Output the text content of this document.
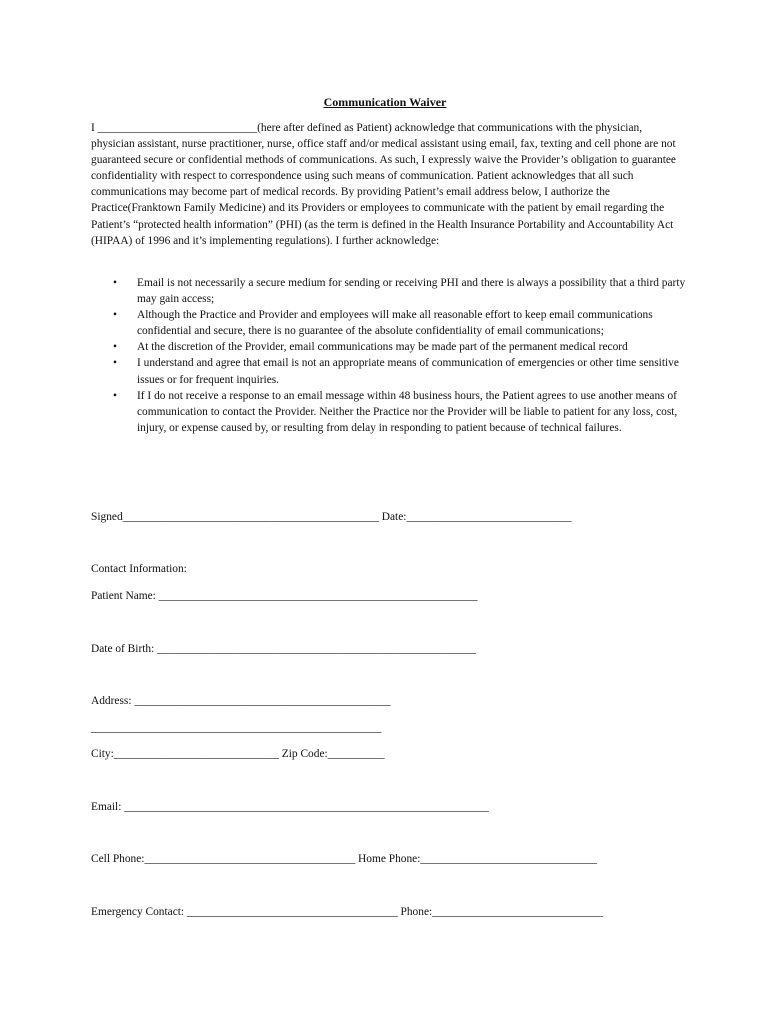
Communication Waiver

I ____________________________(here after defined as Patient) acknowledge that communications with the physician, physician assistant, nurse practitioner, nurse, office staff and/or medical assistant using email, fax, texting and cell phone are not guaranteed secure or confidential methods of communications. As such, I expressly waive the Provider’s obligation to guarantee confidentiality with respect to correspondence using such means of communication. Patient acknowledges that all such communications may become part of medical records. By providing Patient’s email address below, I authorize the Practice(Franktown Family Medicine) and its Providers or employees to communicate with the patient by email regarding the Patient’s “protected health information” (PHI) (as the term is defined in the Health Insurance Portability and Accountability Act (HIPAA) of 1996 and it’s implementing regulations). I further acknowledge:

• Email is not necessarily a secure medium for sending or receiving PHI and there is always a possibility that a third party may gain access;
• Although the Practice and Provider and employees will make all reasonable effort to keep email communications confidential and secure, there is no guarantee of the absolute confidentiality of email communications;
• At the discretion of the Provider, email communications may be made part of the permanent medical record
• I understand and agree that email is not an appropriate means of communication of emergencies or other time sensitive issues or for frequent inquiries.
• If I do not receive a response to an email message within 48 business hours, the Patient agrees to use another means of communication to contact the Provider. Neither the Practice nor the Provider will be liable to patient for any loss, cost, injury, or expense caused by, or resulting from delay in responding to patient because of technical failures.
Signed_____________________________________________ Date:_____________________________
Contact Information:
Patient Name: ________________________________________________________
Date of Birth: ________________________________________________________
Address: _____________________________________________
___________________________________________________
City:_____________________________ Zip Code:__________
Email: ________________________________________________________________
Cell Phone:_____________________________________ Home Phone:_______________________________
Emergency Contact: _____________________________________ Phone:______________________________
